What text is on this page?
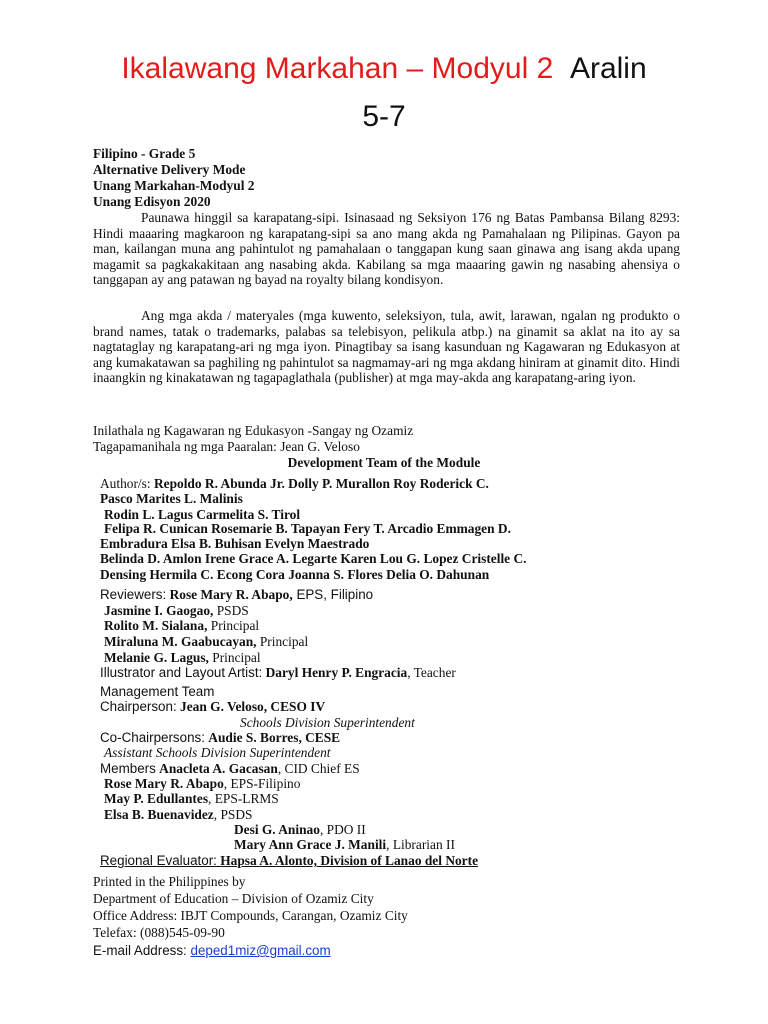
Ikalawang Markahan – Modyul 2 Aralin
5-7
Filipino - Grade 5
Alternative Delivery Mode
Unang Markahan-Modyul 2
Unang Edisyon 2020
Paunawa hinggil sa karapatang-sipi. Isinasaad ng Seksiyon 176 ng Batas Pambansa Bilang 8293: Hindi maaaring magkaroon ng karapatang-sipi sa ano mang akda ng Pamahalaan ng Pilipinas. Gayon pa man, kailangan muna ang pahintulot ng pamahalaan o tanggapan kung saan ginawa ang isang akda upang magamit sa pagkakakitaan ang nasabing akda. Kabilang sa mga maaaring gawin ng nasabing ahensiya o tanggapan ay ang patawan ng bayad na royalty bilang kondisyon.
Ang mga akda / materyales (mga kuwento, seleksiyon, tula, awit, larawan, ngalan ng produkto o brand names, tatak o trademarks, palabas sa telebisyon, pelikula atbp.) na ginamit sa aklat na ito ay sa nagtataglay ng karapatang-ari ng mga iyon. Pinagtibay sa isang kasunduan ng Kagawaran ng Edukasyon at ang kumakatawan sa paghiling ng pahintulot sa nagmamay-ari ng mga akdang hiniram at ginamit dito. Hindi inaangkin ng kinakatawan ng tagapaglathala (publisher) at mga may-akda ang karapatang-aring iyon.
Inilathala ng Kagawaran ng Edukasyon -Sangay ng Ozamiz
Tagapamanihala ng mga Paaralan: Jean G. Veloso
Development Team of the Module
Author/s: Repoldo R. Abunda Jr. Dolly P. Murallon Roy Roderick C.
Pasco Marites L. Malinis
Rodin L. Lagus Carmelita S. Tirol
Felipa R. Cunican Rosemarie B. Tapayan Fery T. Arcadio Emmagen D.
Embradura Elsa B. Buhisan Evelyn Maestrado
Belinda D. Amlon Irene Grace A. Legarte Karen Lou G. Lopez Cristelle C.
Densing Hermila C. Econg Cora Joanna S. Flores Delia O. Dahunan
Reviewers: Rose Mary R. Abapo, EPS, Filipino
Jasmine I. Gaogao, PSDS
Rolito M. Sialana, Principal
Miraluna M. Gaabucayan, Principal
Melanie G. Lagus, Principal
Illustrator and Layout Artist: Daryl Henry P. Engracia, Teacher
Management Team
Chairperson: Jean G. Veloso, CESO IV
Schools Division Superintendent
Co-Chairpersons: Audie S. Borres, CESE
Assistant Schools Division Superintendent
Members Anacleta A. Gacasan, CID Chief ES
Rose Mary R. Abapo, EPS-Filipino
May P. Edullantes, EPS-LRMS
Elsa B. Buenavidez, PSDS
Desi G. Aninao, PDO II
Mary Ann Grace J. Manili, Librarian II
Regional Evaluator: Hapsa A. Alonto, Division of Lanao del Norte
Printed in the Philippines by
Department of Education – Division of Ozamiz City
Office Address: IBJT Compounds, Carangan, Ozamiz City
Telefax: (088)545-09-90
E-mail Address: deped1miz@gmail.com
